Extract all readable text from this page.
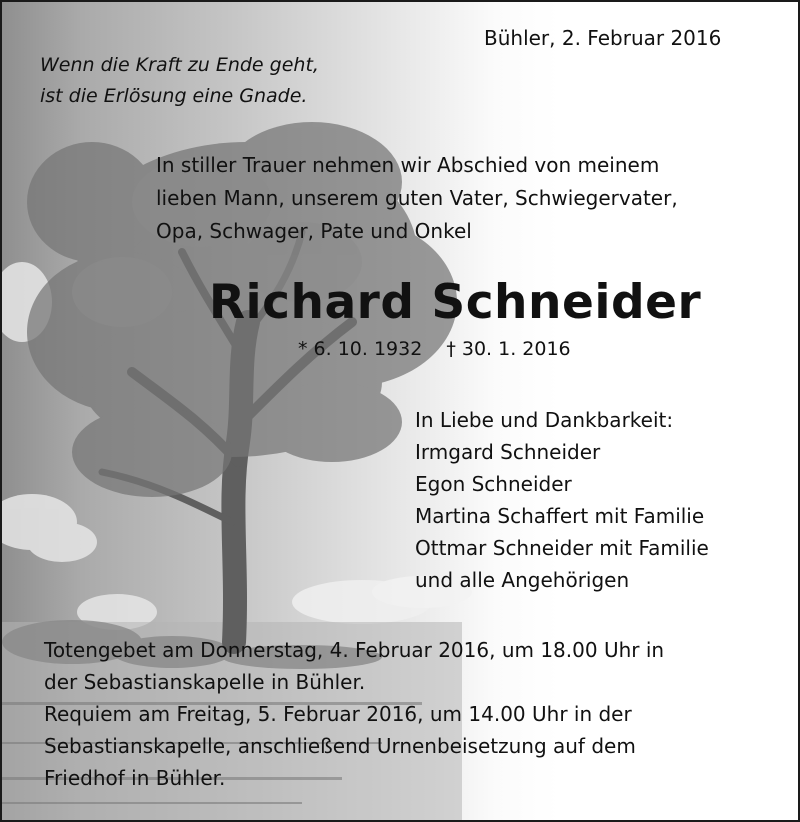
Bühler, 2. Februar 2016
Wenn die Kraft zu Ende geht,
ist die Erlösung eine Gnade.
In stiller Trauer nehmen wir Abschied von meinem
lieben Mann, unserem guten Vater, Schwiegervater,
Opa, Schwager, Pate und Onkel
Richard Schneider
* 6. 10. 1932 † 30. 1. 2016
In Liebe und Dankbarkeit:
Irmgard Schneider
Egon Schneider
Martina Schaffert mit Familie
Ottmar Schneider mit Familie
und alle Angehörigen
Totengebet am Donnerstag, 4. Februar 2016, um 18.00 Uhr in
der Sebastianskapelle in Bühler.
Requiem am Freitag, 5. Februar 2016, um 14.00 Uhr in der
Sebastianskapelle, anschließend Urnenbeisetzung auf dem
Friedhof in Bühler.
